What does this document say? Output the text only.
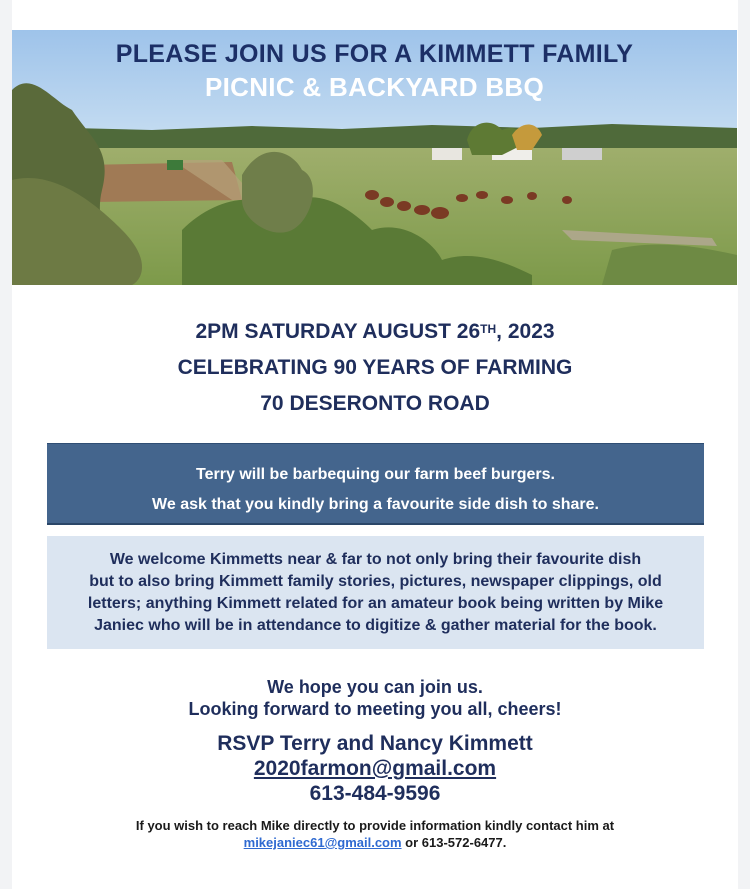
PLEASE JOIN US FOR A KIMMETT FAMILY
PICNIC & BACKYARD BBQ
2PM SATURDAY AUGUST 26TH, 2023
CELEBRATING 90 YEARS OF FARMING
70 DESERONTO ROAD
Terry will be barbequing our farm beef burgers.
We ask that you kindly bring a favourite side dish to share.
We welcome Kimmetts near & far to not only bring their favourite dish
but to also bring Kimmett family stories, pictures, newspaper clippings, old
letters; anything Kimmett related for an amateur book being written by Mike
Janiec who will be in attendance to digitize & gather material for the book.
We hope you can join us.
Looking forward to meeting you all, cheers!
RSVP Terry and Nancy Kimmett
2020farmon@gmail.com
613-484-9596
If you wish to reach Mike directly to provide information kindly contact him at
mikejaniec61@gmail.com or 613-572-6477.
